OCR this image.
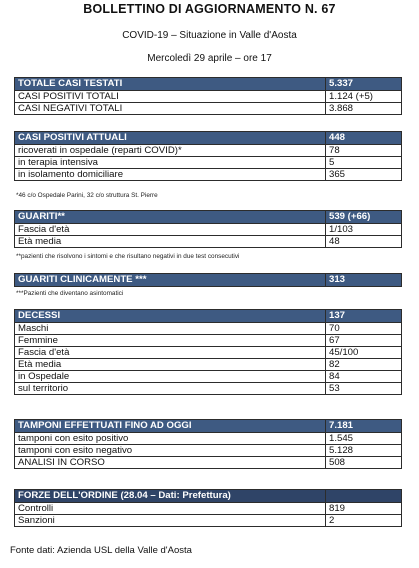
BOLLETTINO DI AGGIORNAMENTO N. 67
COVID-19 – Situazione in Valle d'Aosta
Mercoledì 29 aprile – ore 17
TOTALE CASI TESTATI	5.337
CASI POSITIVI TOTALI	1.124 (+5)
CASI NEGATIVI TOTALI	3.868
CASI POSITIVI ATTUALI	448
ricoverati in ospedale (reparti COVID)*	78
in terapia intensiva	5
in isolamento domiciliare	365
*46 c/o Ospedale Parini, 32 c/o struttura St. Pierre
GUARITI**	539 (+66)
Fascia d'età	1/103
Età media	48
**pazienti che risolvono i sintomi e che risultano negativi in due test consecutivi
GUARITI CLINICAMENTE ***	313
***Pazienti che diventano asintomatici
DECESSI	137
Maschi	70
Femmine	67
Fascia d'età	45/100
Età media	82
in Ospedale	84
sul territorio	53
TAMPONI EFFETTUATI FINO AD OGGI	7.181
tamponi con esito positivo	1.545
tamponi con esito negativo	5.128
ANALISI IN CORSO	508
FORZE DELL'ORDINE (28.04 – Dati: Prefettura)	
Controlli	819
Sanzioni	2
Fonte dati: Azienda USL della Valle d'Aosta
